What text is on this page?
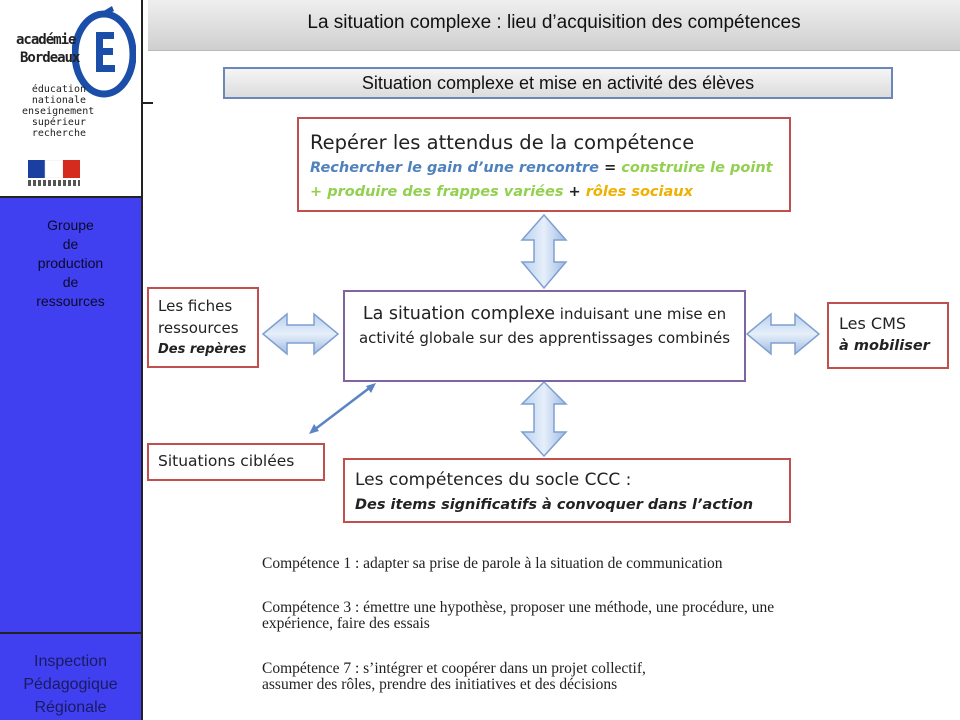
académie
Bordeaux
éducation
nationale
enseignement
supérieur
recherche
Groupe
de
production
de
ressources
Inspection
Pédagogique
Régionale
La situation complexe : lieu d’acquisition des compétences
Situation complexe et mise en activité des élèves
Repérer les attendus de la compétence
Rechercher le gain d’une rencontre = construire le point + produire des frappes variées + rôles sociaux
Les fiches
ressources
Des repères
La situation complexe induisant une mise en activité globale sur des apprentissages combinés
Les CMS
à mobiliser
Situations ciblées
Les compétences du socle CCC :
Des items significatifs à convoquer dans l’action
Compétence 1 : adapter sa prise de parole à la situation de communication
Compétence 3 : émettre une hypothèse, proposer une méthode, une procédure, une
expérience, faire des essais
Compétence 7 : s’intégrer et coopérer dans un projet collectif,
assumer des rôles, prendre des initiatives et des décisions
